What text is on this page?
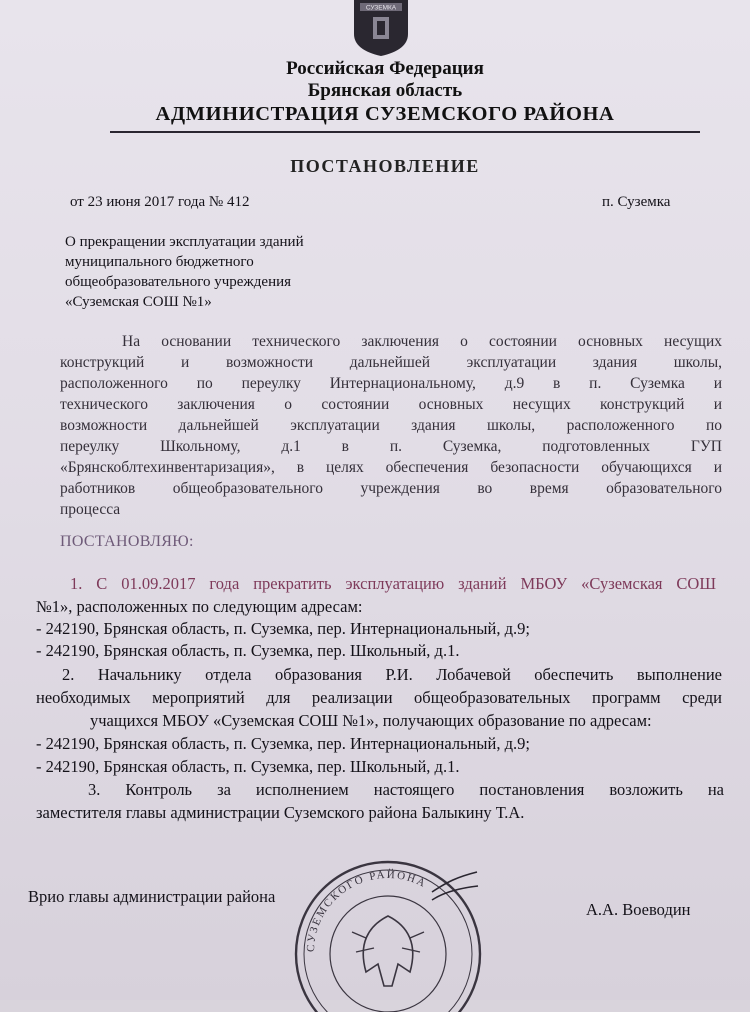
СУЗЕМКА
Российская Федерация
Брянская область
АДМИНИСТРАЦИЯ СУЗЕМСКОГО РАЙОНА
ПОСТАНОВЛЕНИЕ
от 23 июня 2017 года № 412	п. Суземка
О прекращении эксплуатации зданий
муниципального бюджетного
общеобразовательного учреждения
«Суземская СОШ №1»
На основании технического заключения о состоянии основных несущих
конструкций и возможности дальнейшей эксплуатации здания школы,
расположенного по переулку Интернациональному, д.9 в п. Суземка и
технического заключения о состоянии основных несущих конструкций и
возможности дальнейшей эксплуатации здания школы, расположенного по
переулку Школьному, д.1 в п. Суземка, подготовленных ГУП
«Брянскоблтехинвентаризация», в целях обеспечения безопасности обучающихся и
работников общеобразовательного учреждения во время образовательного
процесса
ПОСТАНОВЛЯЮ:
1. С 01.09.2017 года прекратить эксплуатацию зданий МБОУ «Суземская СОШ
№1», расположенных по следующим адресам:
- 242190, Брянская область, п. Суземка, пер. Интернациональный, д.9;
- 242190, Брянская область, п. Суземка, пер. Школьный, д.1.
2. Начальнику отдела образования Р.И. Лобачевой обеспечить выполнение
необходимых мероприятий для реализации общеобразовательных программ среди
учащихся МБОУ «Суземская СОШ №1», получающих образование по адресам:
- 242190, Брянская область, п. Суземка, пер. Интернациональный, д.9;
- 242190, Брянская область, п. Суземка, пер. Школьный, д.1.
3. Контроль за исполнением настоящего постановления возложить на
заместителя главы администрации Суземского района Балыкину Т.А.
СУЗЕМСКОГО РАЙОНА
Врио главы администрации района
А.А. Воеводин
